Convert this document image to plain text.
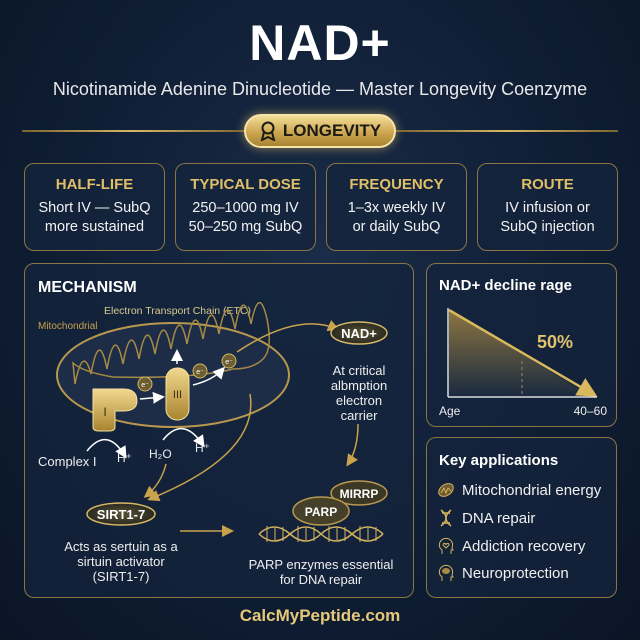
NAD+
Nicotinamide Adenine Dinucleotide — Master Longevity Coenzyme
LONGEVITY
HALF-LIFE
Short IV — SubQ
more sustained
TYPICAL DOSE
250–1000 mg IV
50–250 mg SubQ
FREQUENCY
1–3x weekly IV
or daily SubQ
ROUTE
IV infusion or
SubQ injection
MECHANISM
Electron Transport Chain (ETC)
Mitochondrial
I
III
e⁻
e⁻
e⁻
Complex I H⁺ H₂O H⁺
NAD+
At critical
albmption
electron
carrier
SIRT1-7
Acts as sertuin as a
sirtuin activator
(SIRT1-7)
MIRRP
PARP
PARP enzymes essential
for DNA repair
NAD+ decline rage
50%
Age	40–60
Key applications
Mitochondrial energy
DNA repair
Addiction recovery
Neuroprotection
CalcMyPeptide.com
